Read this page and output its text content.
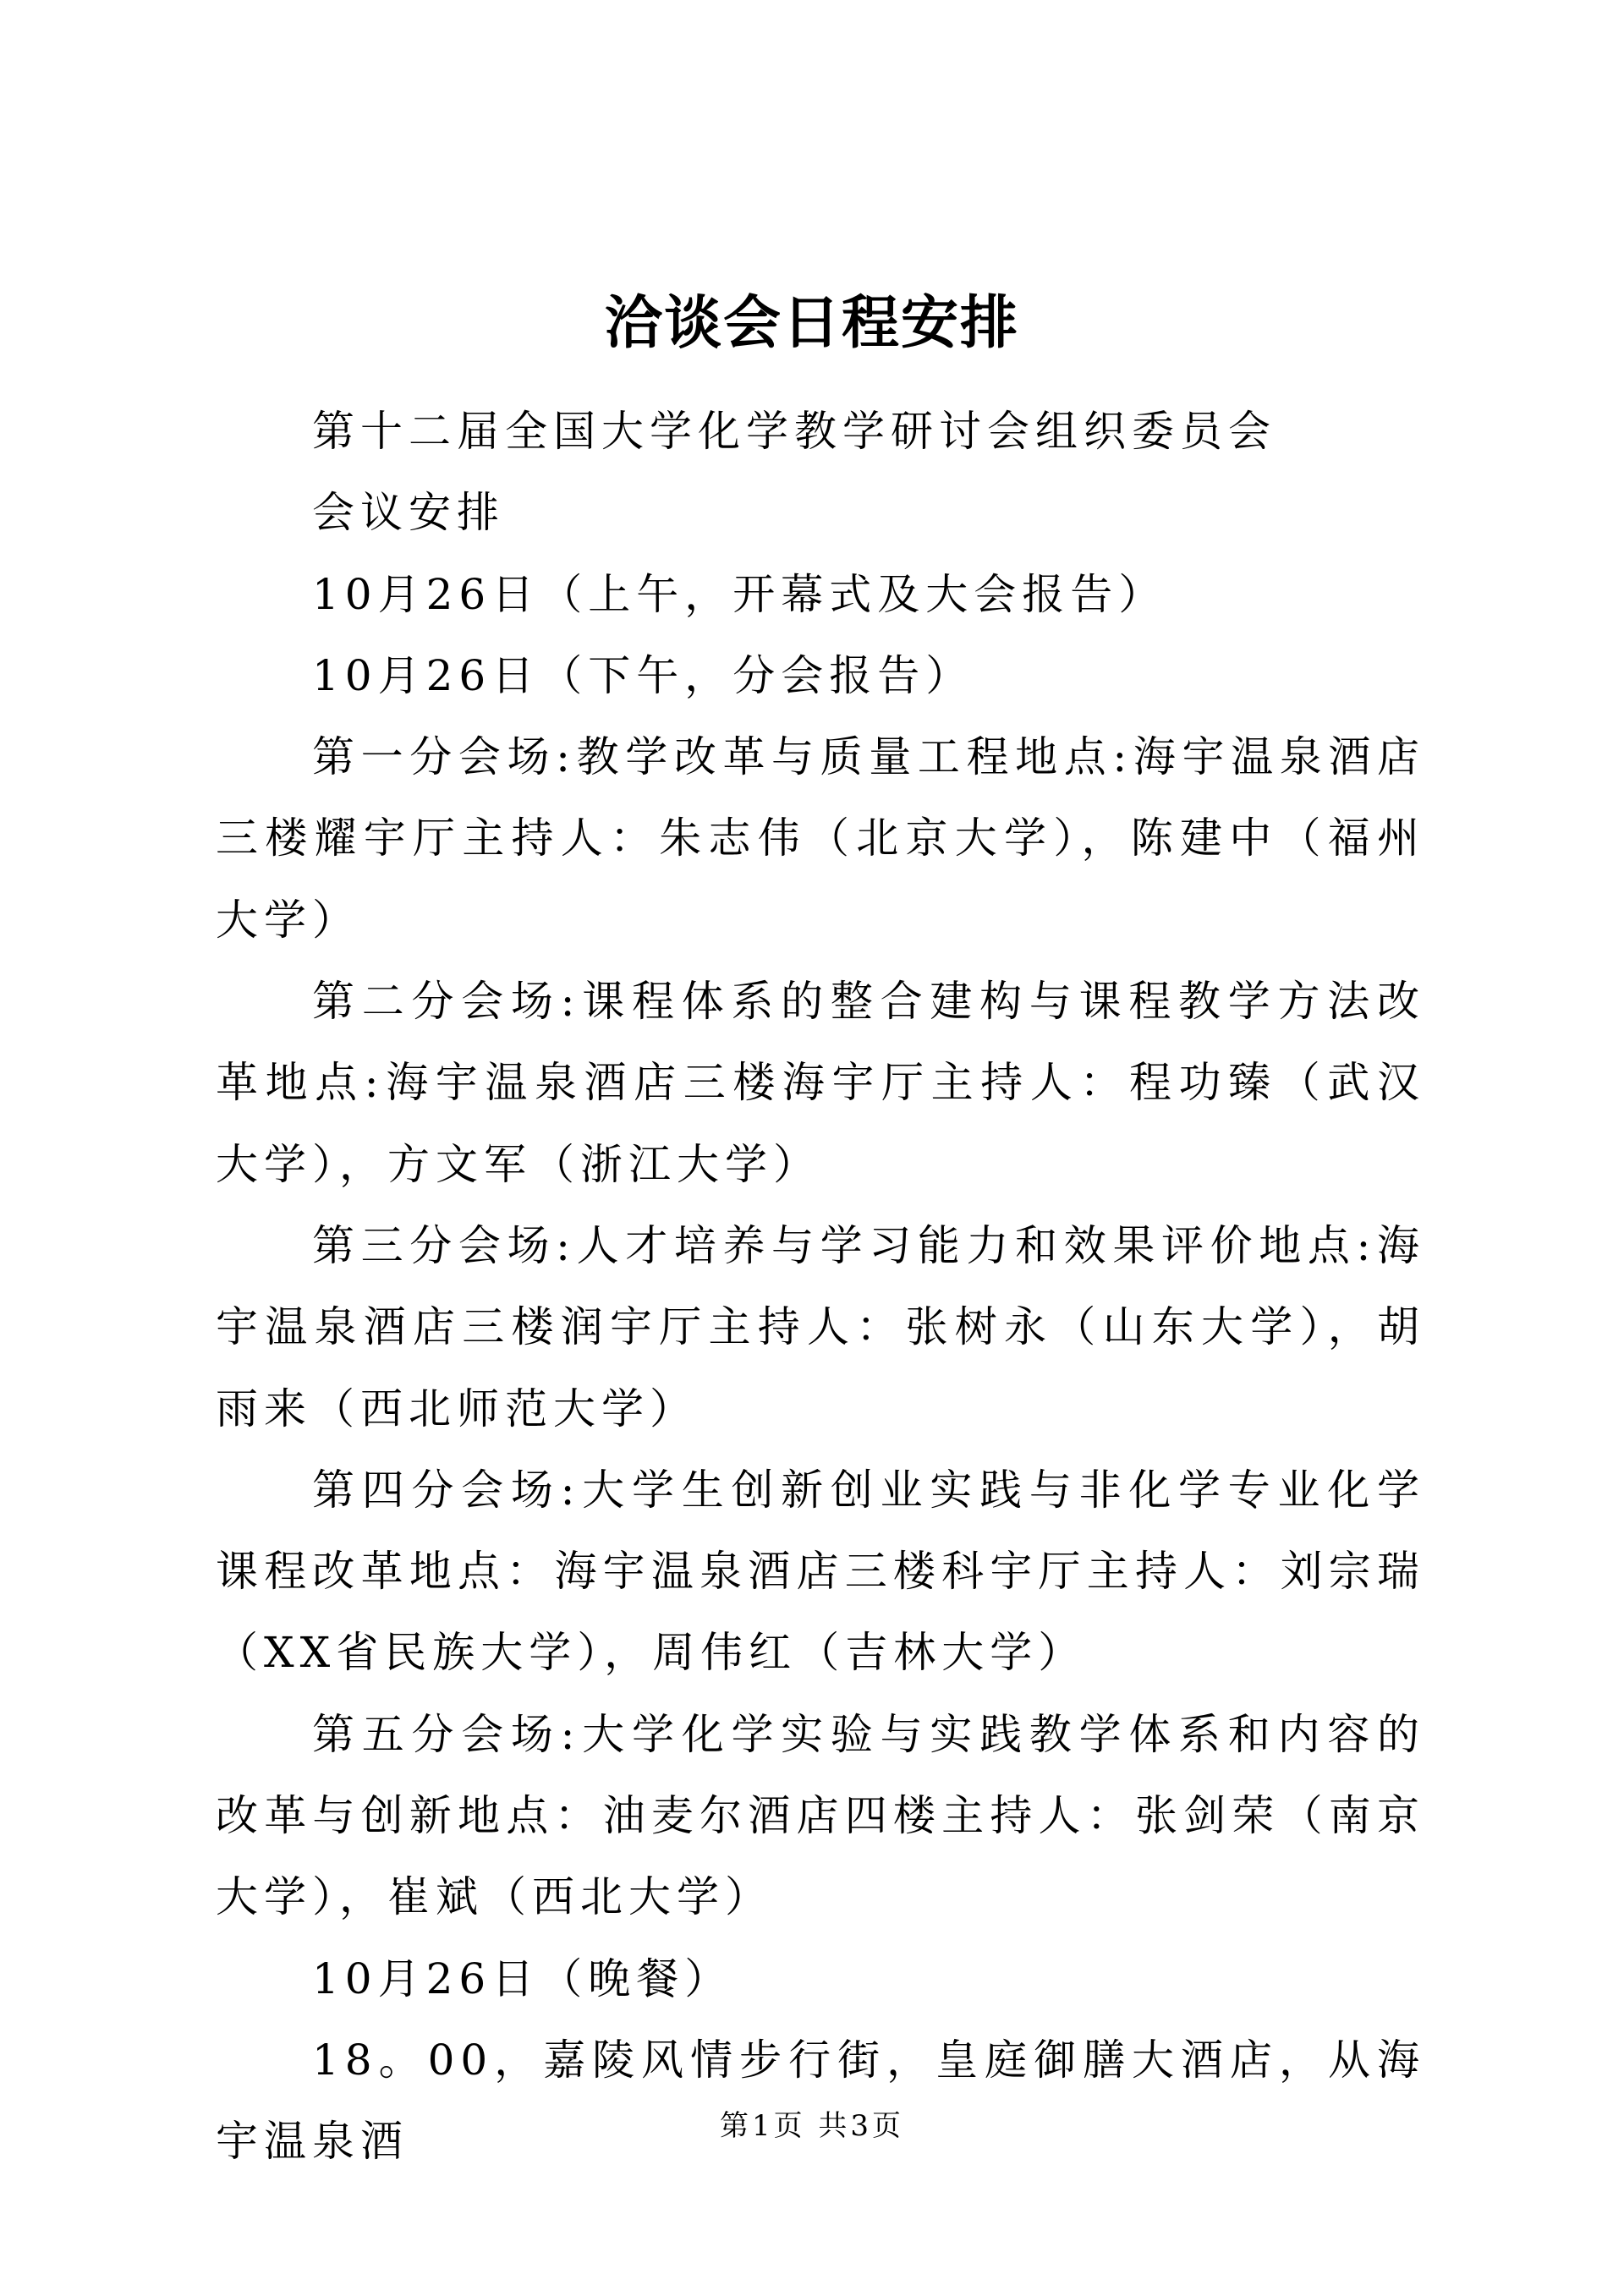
洽谈会日程安排

第十二届全国大学化学教学研讨会组织委员会

会议安排

10月26日（上午，开幕式及大会报告）

10月26日（下午，分会报告）

第一分会场:教学改革与质量工程地点:海宇温泉酒店三楼耀宇厅主持人：朱志伟（北京大学），陈建中（福州大学）

第二分会场:课程体系的整合建构与课程教学方法改革地点:海宇温泉酒店三楼海宇厅主持人：程功臻（武汉大学），方文军（浙江大学）

第三分会场:人才培养与学习能力和效果评价地点:海宇温泉酒店三楼润宇厅主持人：张树永（山东大学），胡雨来（西北师范大学）

第四分会场:大学生创新创业实践与非化学专业化学课程改革地点：海宇温泉酒店三楼科宇厅主持人：刘宗瑞（XX省民族大学），周伟红（吉林大学）

第五分会场:大学化学实验与实践教学体系和内容的改革与创新地点：油麦尔酒店四楼主持人：张剑荣（南京大学），崔斌（西北大学）

10月26日（晚餐）

18。00，嘉陵风情步行街，皇庭御膳大酒店，从海宇温泉酒	第1页 共3页
